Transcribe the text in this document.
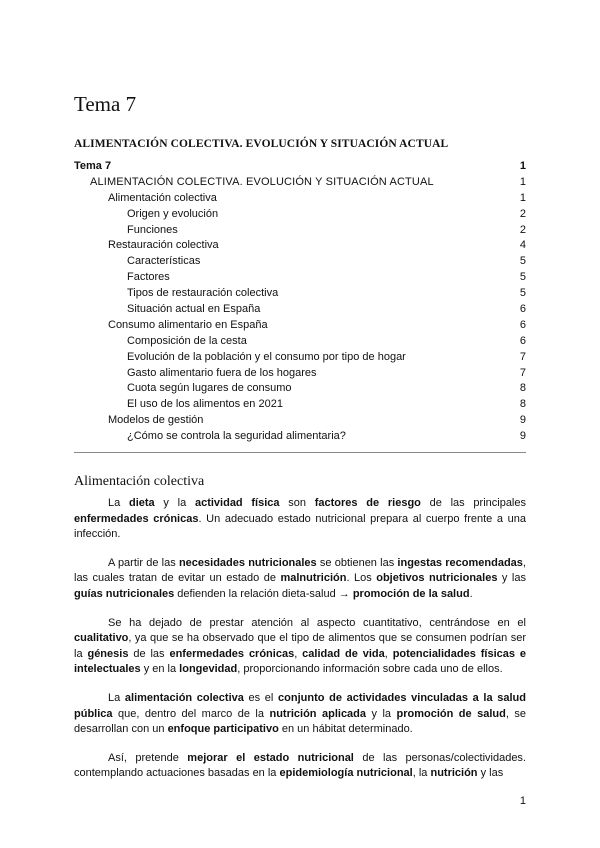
Tema 7
ALIMENTACIÓN COLECTIVA. EVOLUCIÓN Y SITUACIÓN ACTUAL
Tema 7	1
ALIMENTACIÓN COLECTIVA. EVOLUCIÓN Y SITUACIÓN ACTUAL	1
Alimentación colectiva	1
Origen y evolución	2
Funciones	2
Restauración colectiva	4
Características	5
Factores	5
Tipos de restauración colectiva	5
Situación actual en España	6
Consumo alimentario en España	6
Composición de la cesta	6
Evolución de la población y el consumo por tipo de hogar	7
Gasto alimentario fuera de los hogares	7
Cuota según lugares de consumo	8
El uso de los alimentos en 2021	8
Modelos de gestión	9
¿Cómo se controla la seguridad alimentaria?	9
Alimentación colectiva

La dieta y la actividad física son factores de riesgo de las principales enfermedades crónicas. Un adecuado estado nutricional prepara al cuerpo frente a una infección.

A partir de las necesidades nutricionales se obtienen las ingestas recomendadas, las cuales tratan de evitar un estado de malnutrición. Los objetivos nutricionales y las guías nutricionales defienden la relación dieta-salud → promoción de la salud.

Se ha dejado de prestar atención al aspecto cuantitativo, centrándose en el cualitativo, ya que se ha observado que el tipo de alimentos que se consumen podrían ser la génesis de las enfermedades crónicas, calidad de vida, potencialidades físicas e intelectuales y en la longevidad, proporcionando información sobre cada uno de ellos.

La alimentación colectiva es el conjunto de actividades vinculadas a la salud pública que, dentro del marco de la nutrición aplicada y la promoción de salud, se desarrollan con un enfoque participativo en un hábitat determinado.

Así, pretende mejorar el estado nutricional de las personas/colectividades. contemplando actuaciones basadas en la epidemiología nutricional, la nutrición y las

1
